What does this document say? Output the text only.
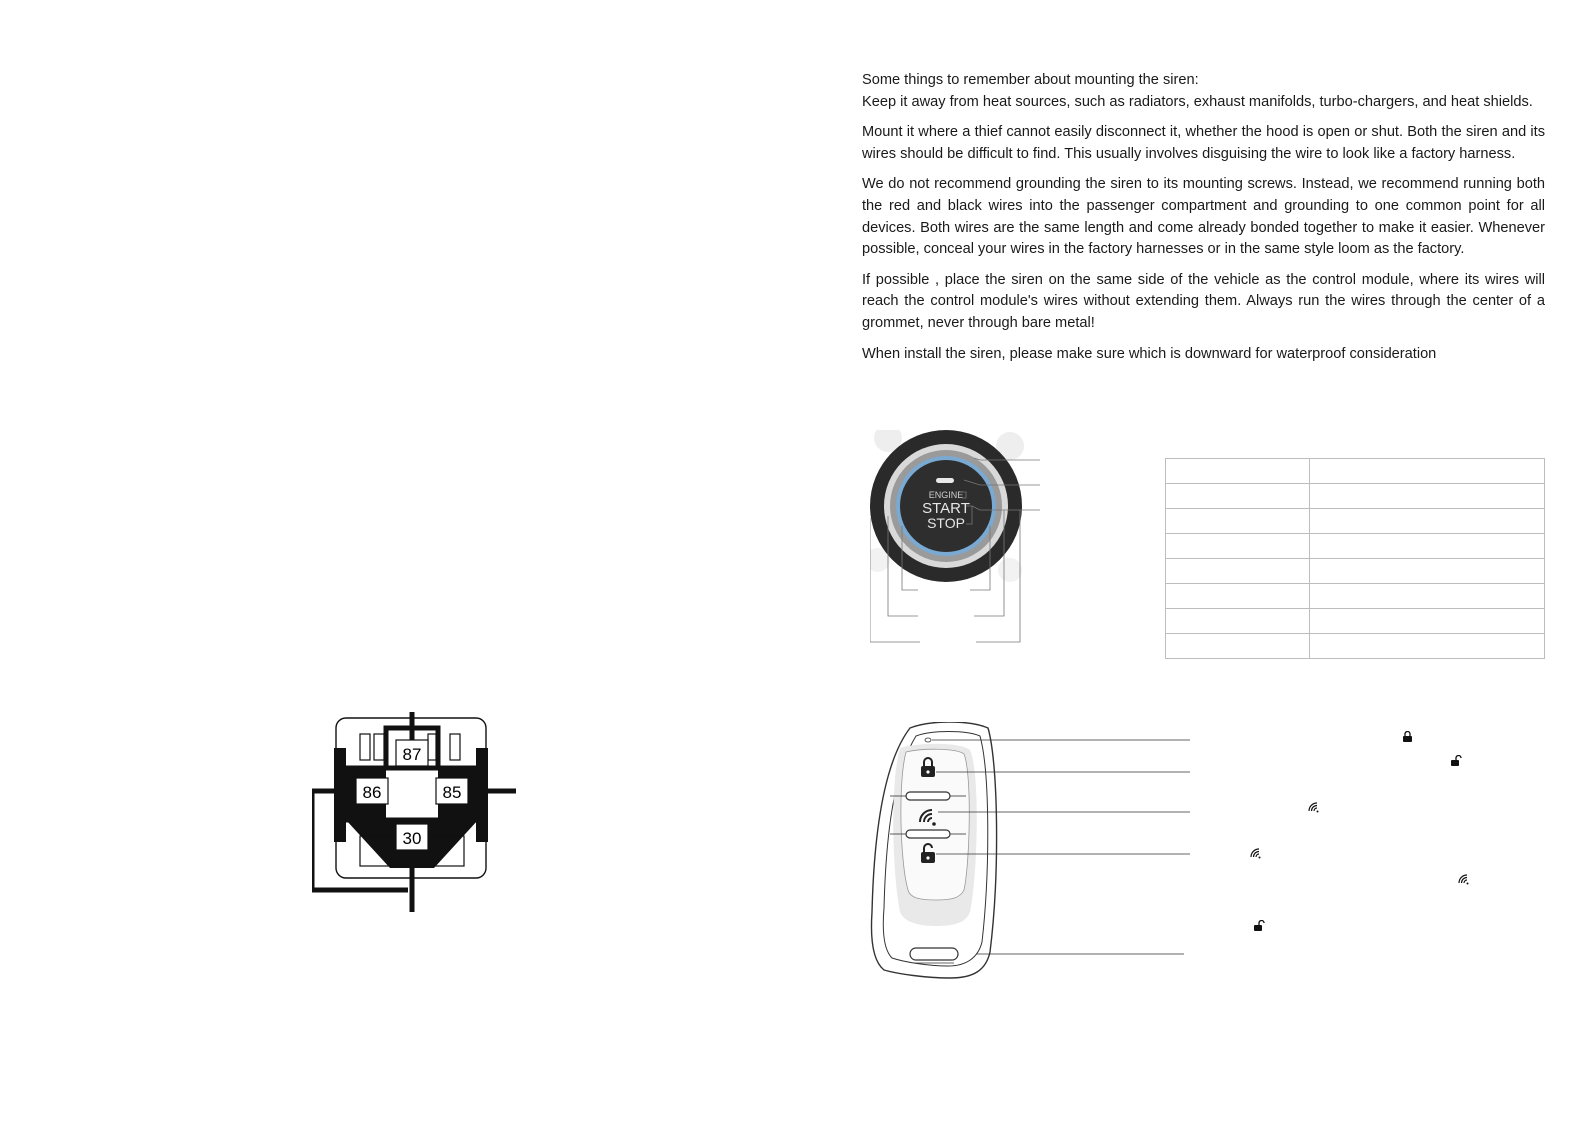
Some things to remember about mounting the siren:
Keep it away from heat sources, such as radiators, exhaust manifolds, turbo-chargers, and heat shields.

Mount it where a thief cannot easily disconnect it, whether the hood is open or shut. Both the siren and its wires should be difficult to find. This usually involves disguising the wire to look like a factory harness.

We do not recommend grounding the siren to its mounting screws. Instead, we recommend running both the red and black wires into the passenger compartment and grounding to one common point for all devices. Both wires are the same length and come already bonded together to make it easier. Whenever possible, conceal your wires in the factory harnesses or in the same style loom as the factory.

If possible , place the siren on the same side of the vehicle as the control module, where its wires will reach the control module's wires without extending them. Always run the wires through the center of a grommet, never through bare metal!

When install the siren, please make sure which is downward for waterproof consideration

87
86	85
30
ENGINE
START
STOP
